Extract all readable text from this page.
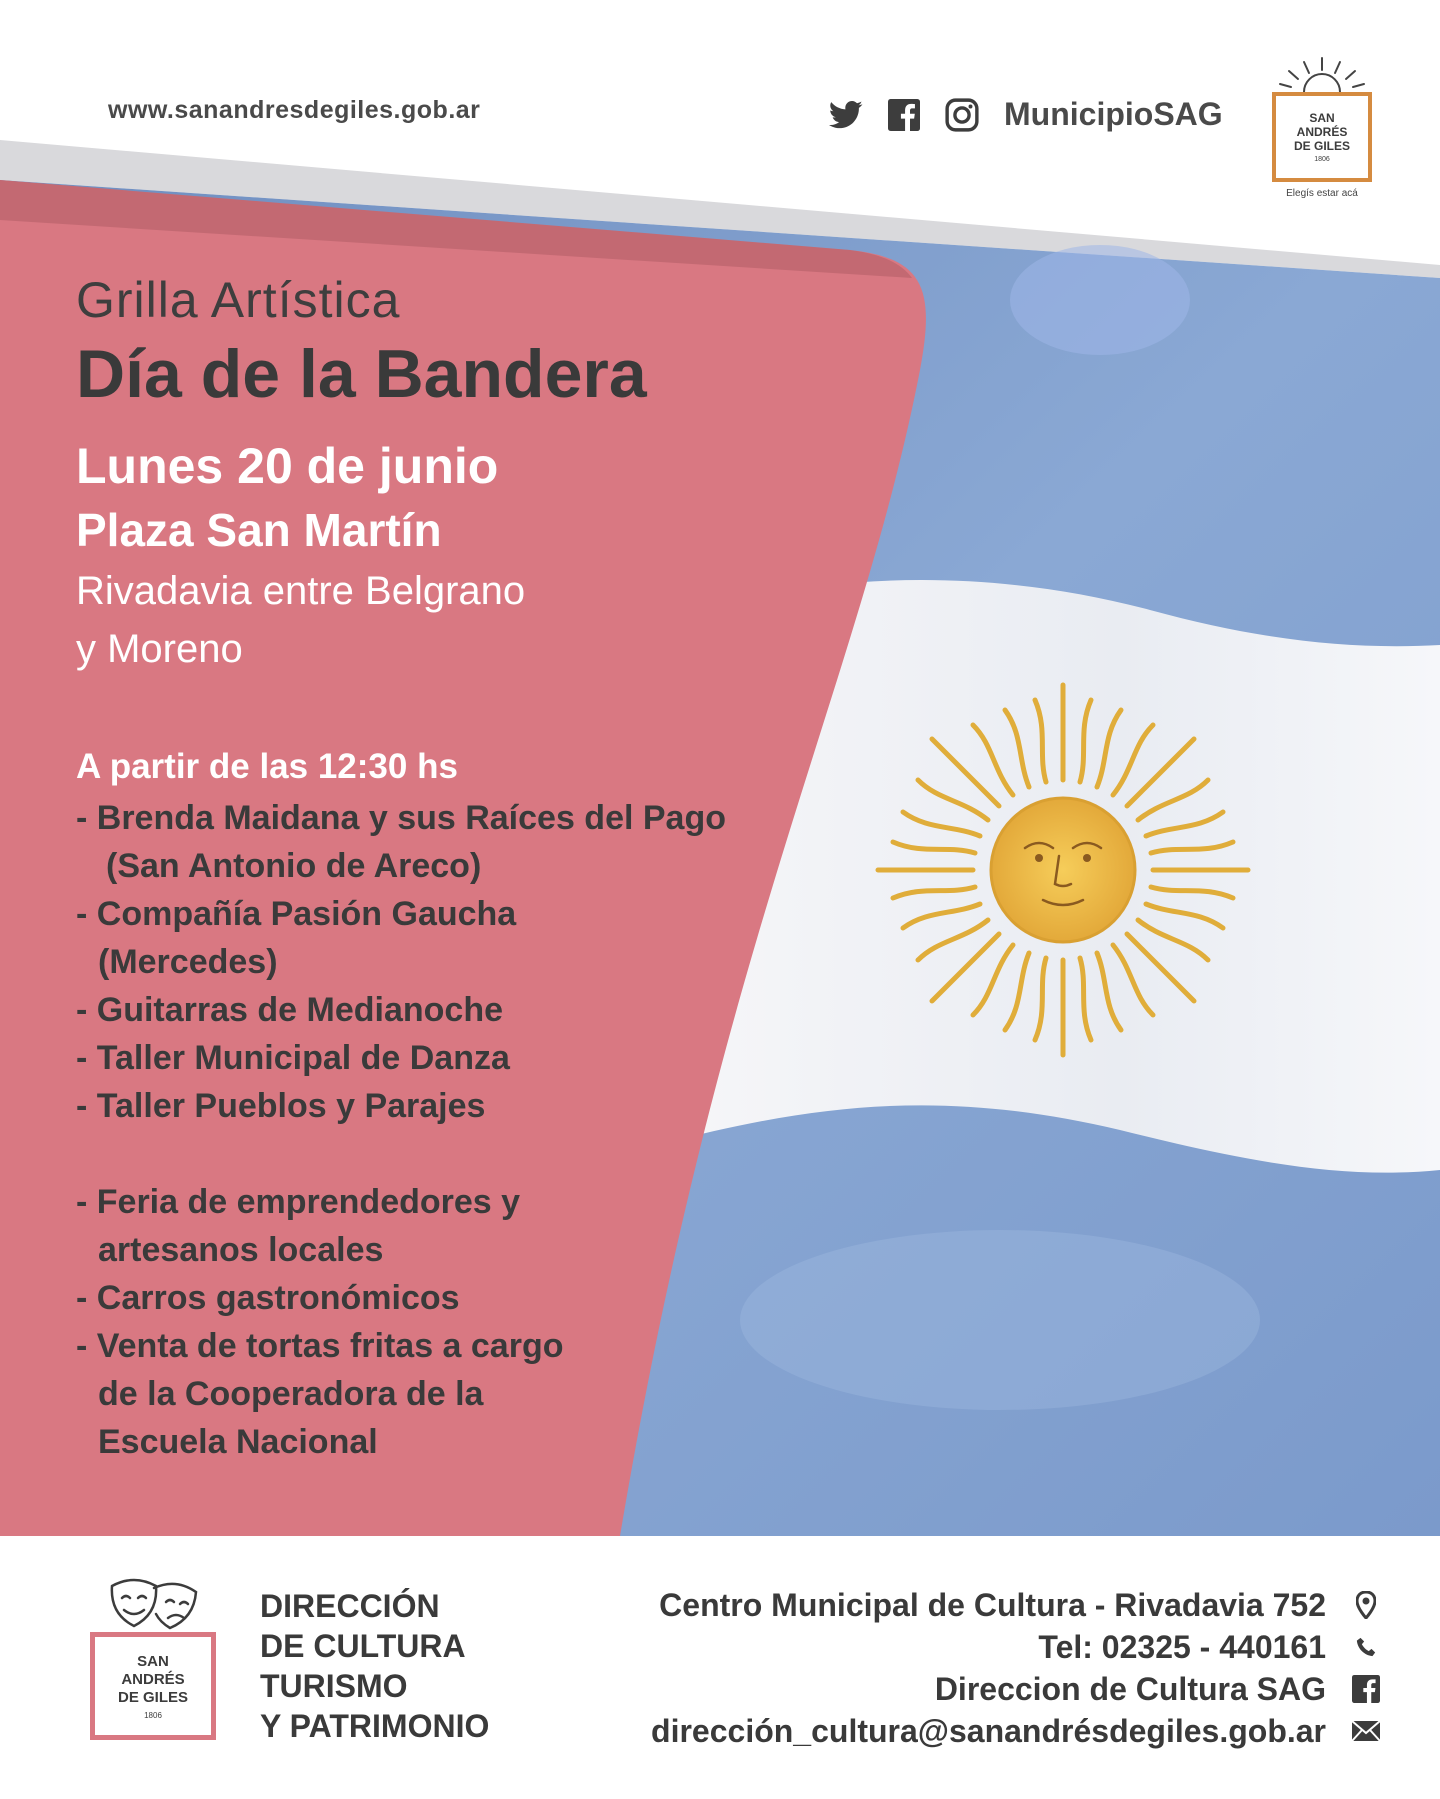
www.sanandresdegiles.gob.ar	MunicipioSAG	SAN
ANDRÉS
DE GILES
1806
Elegís estar acá
Grilla Artística
Día de la Bandera
Lunes 20 de junio
Plaza San Martín
Rivadavia entre Belgrano
y Moreno
A partir de las 12:30 hs
- Brenda Maidana y sus Raíces del Pago
(San Antonio de Areco)
- Compañía Pasión Gaucha
(Mercedes)
- Guitarras de Medianoche
- Taller Municipal de Danza
- Taller Pueblos y Parajes
- Feria de emprendedores y
artesanos locales
- Carros gastronómicos
- Venta de tortas fritas a cargo
de la Cooperadora de la
Escuela Nacional
SAN
ANDRÉS
DE GILES
1806
DIRECCIÓN
DE CULTURA
TURISMO
Y PATRIMONIO
Centro Municipal de Cultura - Rivadavia 752
Tel: 02325 - 440161
Direccion de Cultura SAG
dirección_cultura@sanandrésdegiles.gob.ar
